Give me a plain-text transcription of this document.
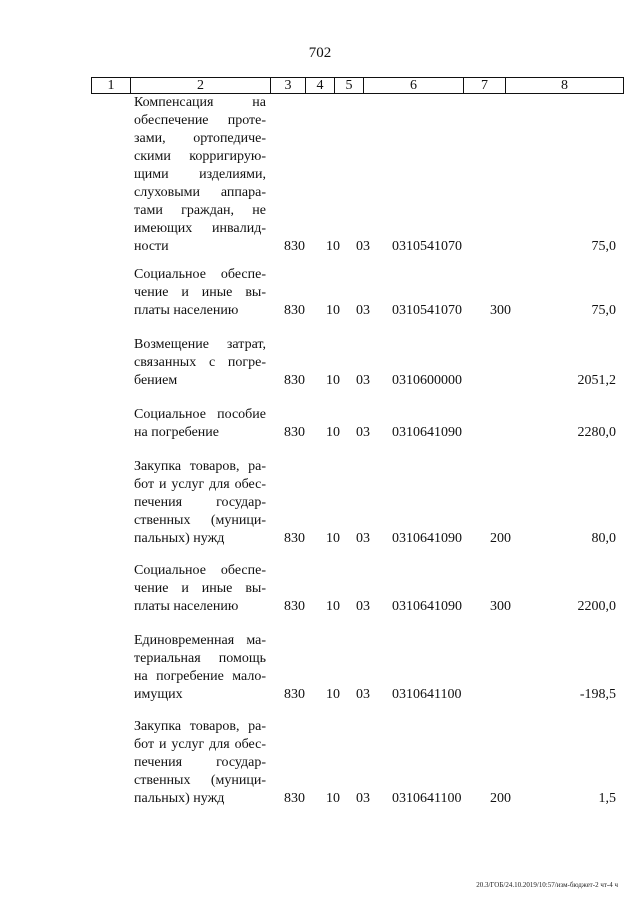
702
1	2	3	4	5	6	7	8
Компенсация на
обеспечение проте-
зами, ортопедиче-
скими корригирую-
щими изделиями,
слуховыми аппара-
тами граждан, не
имеющих инвалид-
ности	830 10 03 0310541070	75,0
Социальное обеспе-
чение и иные вы-
платы населению	830 10 03 0310541070 300	75,0
Возмещение затрат,
связанных с погре-
бением	830 10 03 0310600000	2051,2
Социальное пособие
на погребение	830 10 03 0310641090	2280,0
Закупка товаров, ра-
бот и услуг для обес-
печения государ-
ственных (муници-
пальных) нужд	830 10 03 0310641090 200	80,0
Социальное обеспе-
чение и иные вы-
платы населению	830 10 03 0310641090 300	2200,0
Единовременная ма-
териальная помощь
на погребение мало-
имущих	830 10 03 0310641100	-198,5
Закупка товаров, ра-
бот и услуг для обес-
печения государ-
ственных (муници-
пальных) нужд	830 10 03 0310641100 200	1,5
20.3/ГОБ/24.10.2019/10:57/изм-бюджет-2 чт-4 ч
